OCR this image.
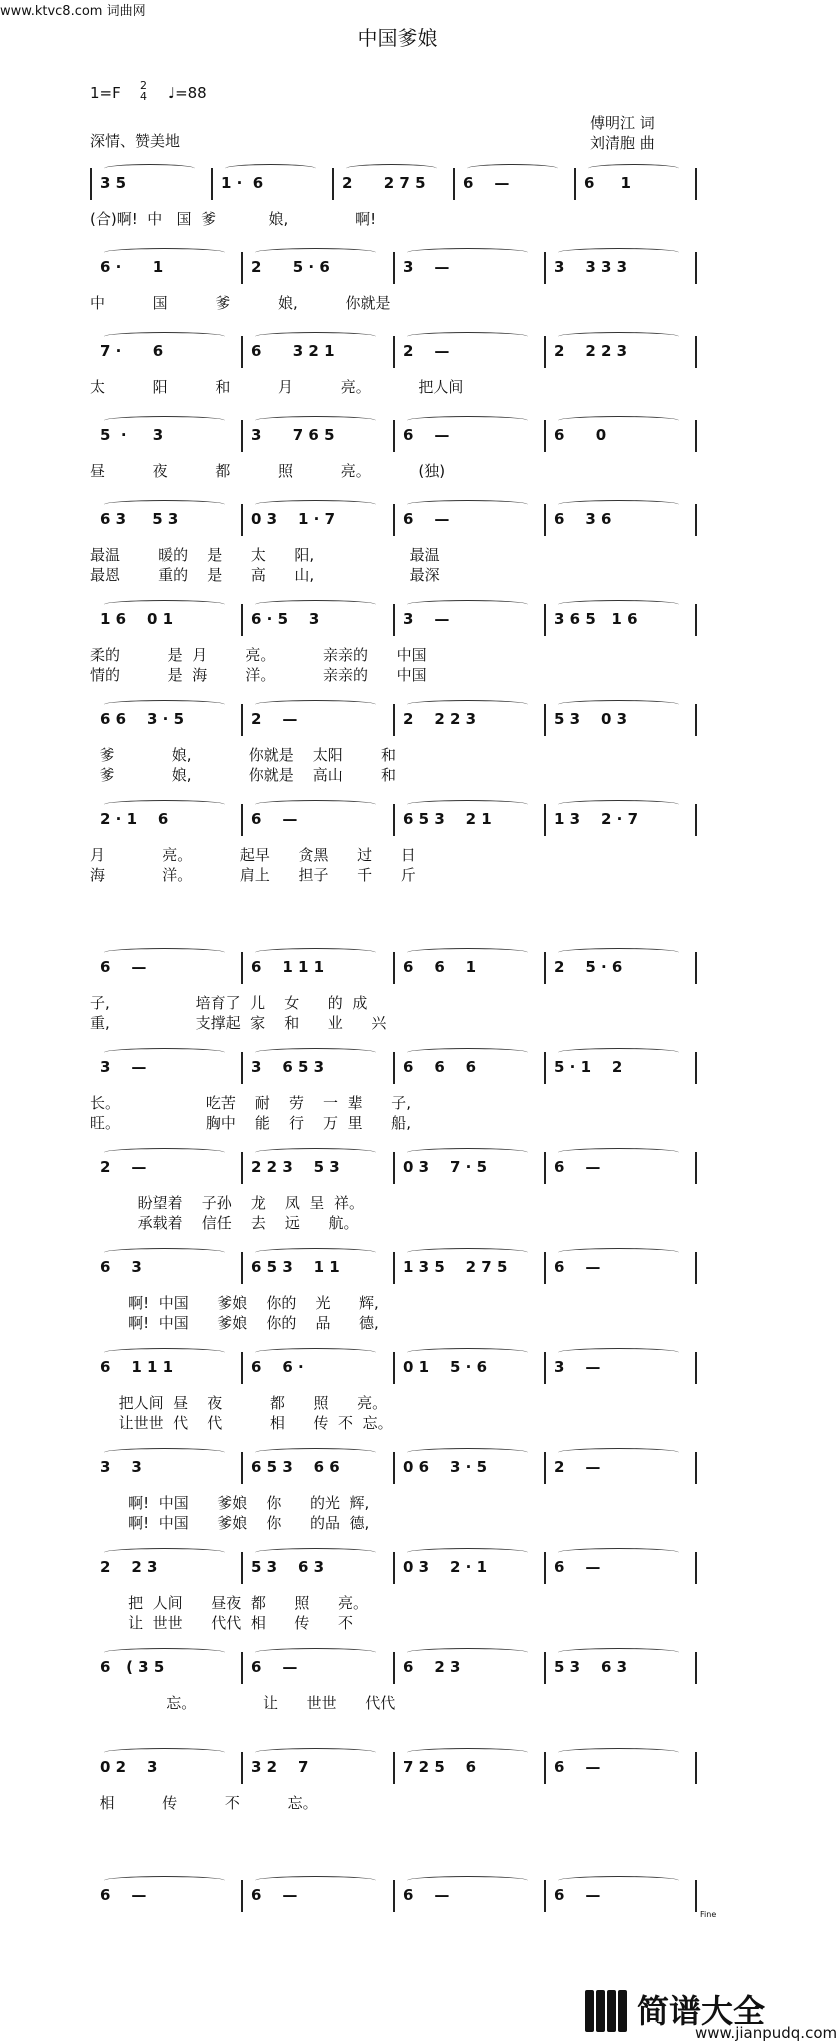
www.ktvc8.com 词曲网
中国爹娘
1=F 2
4 ♩=88
深情、赞美地
傅明江 词
刘清胞 曲
3 5	1 ·  6	2      2 7 5 6    —	6     1
(合)啊!  中   国  爹           娘,              啊!
6 ·      1	2      5 · 6	3    —	3    3 3 3
中          国          爹          娘,          你就是
7 ·      6	6      3 2 1	2    —	2    2 2 3
太          阳          和          月          亮。          把人间
5  ·     3	3      7 6 5	6    —	6      0
昼          夜          都          照          亮。          (独)
6 3     5 3	0 3    1 · 7	6    —	6    3 6
最温        暖的    是      太      阳,                    最温
最恩        重的    是      高      山,                    最深
1 6    0 1	6 · 5    3	3    —	3 6 5   1 6
柔的          是  月        亮。          亲亲的      中国
情的          是  海        洋。          亲亲的      中国
6 6    3 · 5	2    —	2    2 2 3	5 3    0 3
爹            娘,            你就是    太阳        和
爹            娘,            你就是    高山        和
2 · 1    6	6    —	6 5 3    2 1	1 3    2 · 7
月            亮。          起早      贪黑      过      日
海            洋。          肩上      担子      千      斤
6    —	6    1 1 1	6    6    1	2    5 · 6
子,                  培育了  儿    女      的  成
重,                  支撑起  家    和      业      兴
3    —	3    6 5 3	6    6    6	5 · 1    2
长。                  吃苦    耐    劳    一  辈      子,
旺。                  胸中    能    行    万  里      船,
2    —	2 2 3    5 3	0 3    7 · 5	6    —
盼望着    子孙    龙    凤  呈  祥。
承载着    信任    去    远      航。
6    3	6 5 3    1 1	1 3 5    2 7 5	6    —
啊!  中国      爹娘    你的    光      辉,
啊!  中国      爹娘    你的    品      德,
6    1 1 1	6    6 ·	0 1    5 · 6	3    —
把人间  昼    夜          都      照      亮。
让世世  代    代          相      传  不  忘。
3    3	6 5 3    6 6	0 6    3 · 5	2    —
啊!  中国      爹娘    你      的光  辉,
啊!  中国      爹娘    你      的品  德,
2    2 3	5 3    6 3	0 3    2 · 1	6    —
把  人间      昼夜  都      照      亮。
让  世世      代代  相      传      不
6   ( 3 5	6    —	6    2 3	5 3    6 3
忘。              让      世世      代代
0 2    3	3 2    7	7 2 5    6	6    —
相          传          不          忘。
6    —	6    —	6    —	6    —
Fine
简谱大全
www.jianpudq.com
